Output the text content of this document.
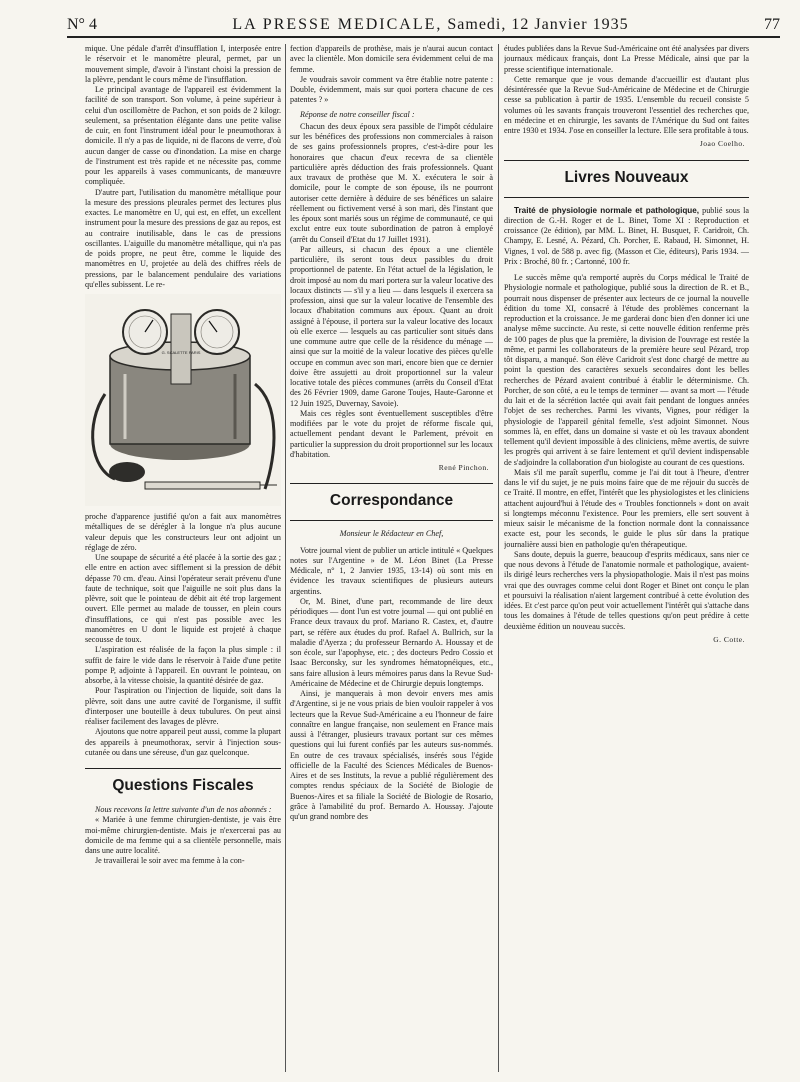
N° 4	LA PRESSE MEDICALE, Samedi, 12 Janvier 1935	77

mique. Une pédale d'arrêt d'insufflation I, interposée entre le réservoir et le manomètre pleural, permet, par un mouvement simple, d'avoir à l'instant choisi la pression de la plèvre, pendant le cours même de l'insufflation.

Le principal avantage de l'appareil est évidemment la facilité de son transport. Son volume, à peine supérieur à celui d'un oscillomètre de Pachon, et son poids de 2 kilogr. seulement, sa présentation élégante dans une petite valise de cuir, en font l'instrument idéal pour le pneumothorax à domicile. Il n'y a pas de liquide, ni de flacons de verre, d'où aucun danger de casse ou d'inondation. La mise en charge de l'instrument est très rapide et ne nécessite pas, comme pour les appareils à vases communicants, de manœuvre compliquée.

D'autre part, l'utilisation du manomètre métallique pour la mesure des pressions pleurales permet des lectures plus exactes. Le manomètre en U, qui est, en effet, un excellent instrument pour la mesure des pressions de gaz au repos, est au contraire inutilisable, dans le cas de pressions oscillantes. L'aiguille du manomètre métallique, qui n'a pas de poids propre, ne peut être, comme le liquide des manomètres en U, projetée au delà des chiffres réels de pressions, par le balancement pendulaire des variations qu'elles subissent. Le re-

G. SCALETTE PARIS

proche d'apparence justifié qu'on a fait aux manomètres métalliques de se dérégler à la longue n'a plus aucune valeur depuis que les constructeurs leur ont adjoint un réglage de zéro.

Une soupape de sécurité a été placée à la sortie des gaz ; elle entre en action avec sifflement si la pression de débit dépasse 70 cm. d'eau. Ainsi l'opérateur serait prévenu d'une faute de technique, soit que l'aiguille ne soit plus dans la plèvre, soit que le pointeau de débit ait été trop largement ouvert. Elle permet au malade de tousser, en plein cours d'insufflations, ce qui n'est pas possible avec les manomètres en U dont le liquide est projeté à chaque secousse de toux.

L'aspiration est réalisée de la façon la plus simple : il suffit de faire le vide dans le réservoir à l'aide d'une petite pompe P, adjointe à l'appareil. En ouvrant le pointeau, on absorbe, à la vitesse choisie, la quantité désirée de gaz.

Pour l'aspiration ou l'injection de liquide, soit dans la plèvre, soit dans une autre cavité de l'organisme, il suffit d'interposer une bouteille à deux tubulures. On peut ainsi réaliser facilement des lavages de plèvre.

Ajoutons que notre appareil peut aussi, comme la plupart des appareils à pneumothorax, servir à l'injection sous-cutanée ou dans une séreuse, d'un gaz quelconque.

Questions Fiscales

Nous recevons la lettre suivante d'un de nos abonnés :

« Mariée à une femme chirurgien-dentiste, je vais être moi-même chirurgien-dentiste. Mais je n'exercerai pas au domicile de ma femme qui a sa clientèle personnelle, mais dans une autre localité.

Je travaillerai le soir avec ma femme à la con-

fection d'appareils de prothèse, mais je n'aurai aucun contact avec la clientèle. Mon domicile sera évidemment celui de ma femme.

Je voudrais savoir comment va être établie notre patente : Double, évidemment, mais sur quoi portera chacune de ces patentes ? »

Réponse de notre conseiller fiscal :

Chacun des deux époux sera passible de l'impôt cédulaire sur les bénéfices des professions non commerciales à raison de ses gains professionnels propres, c'est-à-dire pour les honoraires que chacun d'eux recevra de sa clientèle particulière après déduction des frais professionnels. Quant aux travaux de prothèse que M. X. exécutera le soir à domicile, pour le compte de son épouse, ils ne pourront autoriser cette dernière à déduire de ses bénéfices un salaire réellement ou fictivement versé à son mari, dès l'instant que les époux sont mariés sous un régime de communauté, ce qui exclut entre eux toute subordination de patron à employé (arrêt du Conseil d'Etat du 17 Juillet 1931).

Par ailleurs, si chacun des époux a une clientèle particulière, ils seront tous deux passibles du droit proportionnel de patente. En l'état actuel de la législation, le droit imposé au nom du mari portera sur la valeur locative des locaux distincts — s'il y a lieu — dans lesquels il exercera sa profession, ainsi que sur la valeur locative de l'ensemble des locaux d'habitation communs aux époux. Quant au droit assigné à l'épouse, il portera sur la valeur locative des locaux où elle exerce — lesquels au cas particulier sont situés dans une commune autre que celle de la résidence du ménage — ainsi que sur la moitié de la valeur locative des pièces qu'elle occupe en commun avec son mari, encore bien que ce dernier doive être assujetti au droit proportionnel sur la valeur locative totale des pièces communes (arrêts du Conseil d'Etat des 26 Février 1909, dame Garone Toujes, Haute-Garonne et 12 Juin 1925, Duvernay, Savoie).

Mais ces règles sont éventuellement susceptibles d'être modifiées par le vote du projet de réforme fiscale qui, actuellement pendant devant le Parlement, prévoit en particulier la suppression du droit proportionnel sur les locaux d'habitation.

René Pinchon.
Correspondance

Monsieur le Rédacteur en Chef,

Votre journal vient de publier un article intitulé « Quelques notes sur l'Argentine » de M. Léon Binet (La Presse Médicale, n° 1, 2 Janvier 1935, 13-14) où sont mis en évidence les travaux scientifiques de plusieurs auteurs argentins.

Or, M. Binet, d'une part, recommande de lire deux périodiques — dont l'un est votre journal — qui ont publié en France deux travaux du prof. Mariano R. Castex, et, d'autre part, se réfère aux études du prof. Rafael A. Bullrich, sur la maladie d'Ayerza ; du professeur Bernardo A. Houssay et de son école, sur l'apophyse, etc. ; des docteurs Pedro Cossio et Isaac Berconsky, sur les syndromes hématopnéiques, etc., sans faire allusion à leurs mémoires parus dans la Revue Sud-Américaine de Médecine et de Chirurgie depuis longtemps.

Ainsi, je manquerais à mon devoir envers mes amis d'Argentine, si je ne vous priais de bien vouloir rappeler à vos lecteurs que la Revue Sud-Américaine a eu l'honneur de faire connaître en langue française, non seulement en France mais aussi à l'étranger, plusieurs travaux portant sur ces mêmes questions qui lui furent confiés par les auteurs sus-nommés. En outre de ces travaux spécialisés, insérés sous l'égide officielle de la Faculté des Sciences Médicales de Buenos-Aires et de ses Instituts, la revue a publié régulièrement des comptes rendus spéciaux de la Société de Biologie de Buenos-Aires et sa filiale la Société de Biologie de Rosario, grâce à l'amabilité du prof. Bernardo A. Houssay. J'ajoute qu'un grand nombre des

études publiées dans la Revue Sud-Américaine ont été analysées par divers journaux médicaux français, dont La Presse Médicale, ainsi que par la presse scientifique internationale.

Cette remarque que je vous demande d'accueillir est d'autant plus désintéressée que la Revue Sud-Américaine de Médecine et de Chirurgie cesse sa publication à partir de 1935. L'ensemble du recueil consiste 5 volumes où les savants français trouveront l'essentiel des recherches que, en médecine et en chirurgie, les savants de l'Amérique du Sud ont faites entre 1930 et 1934. J'ose en conseiller la lecture. Elle sera profitable à tous.

Joao Coelho.
Livres Nouveaux

Traité de physiologie normale et pathologique, publié sous la direction de G.-H. Roger et de L. Binet, Tome XI : Reproduction et croissance (2e édition), par MM. L. Binet, H. Busquet, F. Caridroit, Ch. Champy, E. Lesné, A. Pézard, Ch. Porcher, E. Rabaud, H. Simonnet, H. Vignes, 1 vol. de 588 p. avec fig. (Masson et Cie, éditeurs), Paris 1934. — Prix : Broché, 80 fr. ; Cartonné, 100 fr.

Le succès même qu'a remporté auprès du Corps médical le Traité de Physiologie normale et pathologique, publié sous la direction de R. et B., pourrait nous dispenser de présenter aux lecteurs de ce journal la nouvelle édition du tome XI, consacré à l'étude des problèmes concernant la reproduction et la croissance. Je me garderai donc bien d'en donner ici une analyse même succincte. Au reste, si cette nouvelle édition renferme près de 100 pages de plus que la première, la division de l'ouvrage est restée la même, et parmi les collaborateurs de la première heure seul Pézard, trop tôt disparu, a manqué. Son élève Caridroit s'est donc chargé de mettre au point la question des caractères sexuels secondaires dont les belles recherches de Pézard avaient contribué à établir le déterminisme. Ch. Porcher, de son côté, a eu le temps de terminer — avant sa mort — l'étude du lait et de la sécrétion lactée qui avait fait pendant de longues années l'objet de ses recherches. Parmi les vivants, Vignes, pour rédiger la physiologie de l'appareil génital femelle, s'est adjoint Simonnet. Nous sommes là, en effet, dans un domaine si vaste et où les travaux abondent tellement qu'il devient impossible à des cliniciens, même avertis, de suivre les progrès qui arrivent à se faire lentement et qu'il devient indispensable de s'adjoindre la collaboration d'un biologiste au courant de ces questions.

Mais s'il me paraît superflu, comme je l'ai dit tout à l'heure, d'entrer dans le vif du sujet, je ne puis moins faire que de me réjouir du succès de ce Traité. Il montre, en effet, l'intérêt que les physiologistes et les cliniciens attachent aujourd'hui à l'étude des « Troubles fonctionnels » dont on avait si longtemps méconnu l'existence. Pour les premiers, elle sert souvent à mieux saisir le mécanisme de la fonction normale dont la connaissance exacte est, pour les seconds, le guide le plus sûr dans la pratique journalière aussi bien en pathologie qu'en thérapeutique.

Sans doute, depuis la guerre, beaucoup d'esprits médicaux, sans nier ce que nous devons à l'étude de l'anatomie normale et pathologique, avaient-ils dirigé leurs recherches vers la physiopathologie. Mais il n'est pas moins vrai que des ouvrages comme celui dont Roger et Binet ont conçu le plan et poursuivi la réalisation n'aient largement contribué à cette évolution des idées. Et c'est parce qu'on peut voir actuellement l'intérêt qui s'attache dans tous les domaines à l'étude de telles questions qu'on peut prédire à cette deuxième édition un nouveau succès.

G. Cotte.
